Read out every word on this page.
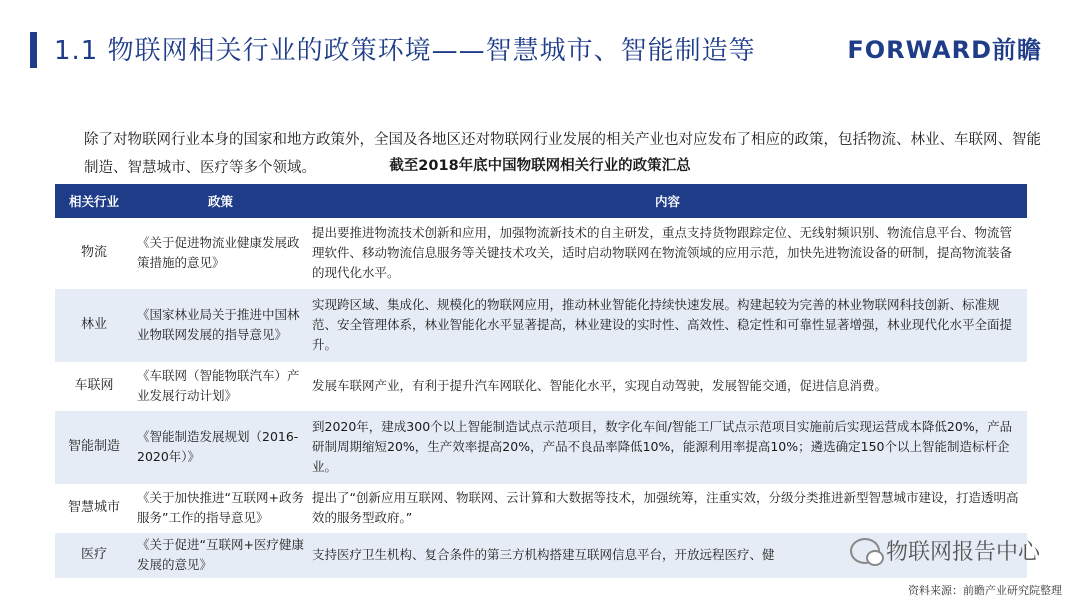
1.1 物联网相关行业的政策环境——智慧城市、智能制造等	FORWARD前瞻
除了对物联网行业本身的国家和地方政策外，全国及各地区还对物联网行业发展的相关产业也对应发布了相应的政策，包括物流、林业、车联网、智能制造、智慧城市、医疗等多个领域。	截至2018年底中国物联网相关行业的政策汇总
相关行业	政策	内容
物流	《关于促进物流业健康发展政策措施的意见》	提出要推进物流技术创新和应用，加强物流新技术的自主研发，重点支持货物跟踪定位、无线射频识别、物流信息平台、物流管理软件、移动物流信息服务等关键技术攻关，适时启动物联网在物流领域的应用示范，加快先进物流设备的研制，提高物流装备的现代化水平。
林业	《国家林业局关于推进中国林业物联网发展的指导意见》	实现跨区域、集成化、规模化的物联网应用，推动林业智能化持续快速发展。构建起较为完善的林业物联网科技创新、标准规范、安全管理体系，林业智能化水平显著提高，林业建设的实时性、高效性、稳定性和可靠性显著增强，林业现代化水平全面提升。
车联网	《车联网（智能物联汽车）产业发展行动计划》	发展车联网产业，有利于提升汽车网联化、智能化水平，实现自动驾驶，发展智能交通，促进信息消费。
智能制造	《智能制造发展规划（2016-2020年）》	到2020年，建成300个以上智能制造试点示范项目，数字化车间/智能工厂试点示范项目实施前后实现运营成本降低20%，产品研制周期缩短20%，生产效率提高20%，产品不良品率降低10%，能源利用率提高10%；遴选确定150个以上智能制造标杆企业。
智慧城市	《关于加快推进“互联网+政务服务”工作的指导意见》	提出了“创新应用互联网、物联网、云计算和大数据等技术，加强统筹，注重实效，分级分类推进新型智慧城市建设，打造透明高效的服务型政府。”
医疗	《关于促进“互联网+医疗健康发展的意见》	支持医疗卫生机构、复合条件的第三方机构搭建互联网信息平台，开放远程医疗、健	物联网报告中心
资料来源：前瞻产业研究院整理
